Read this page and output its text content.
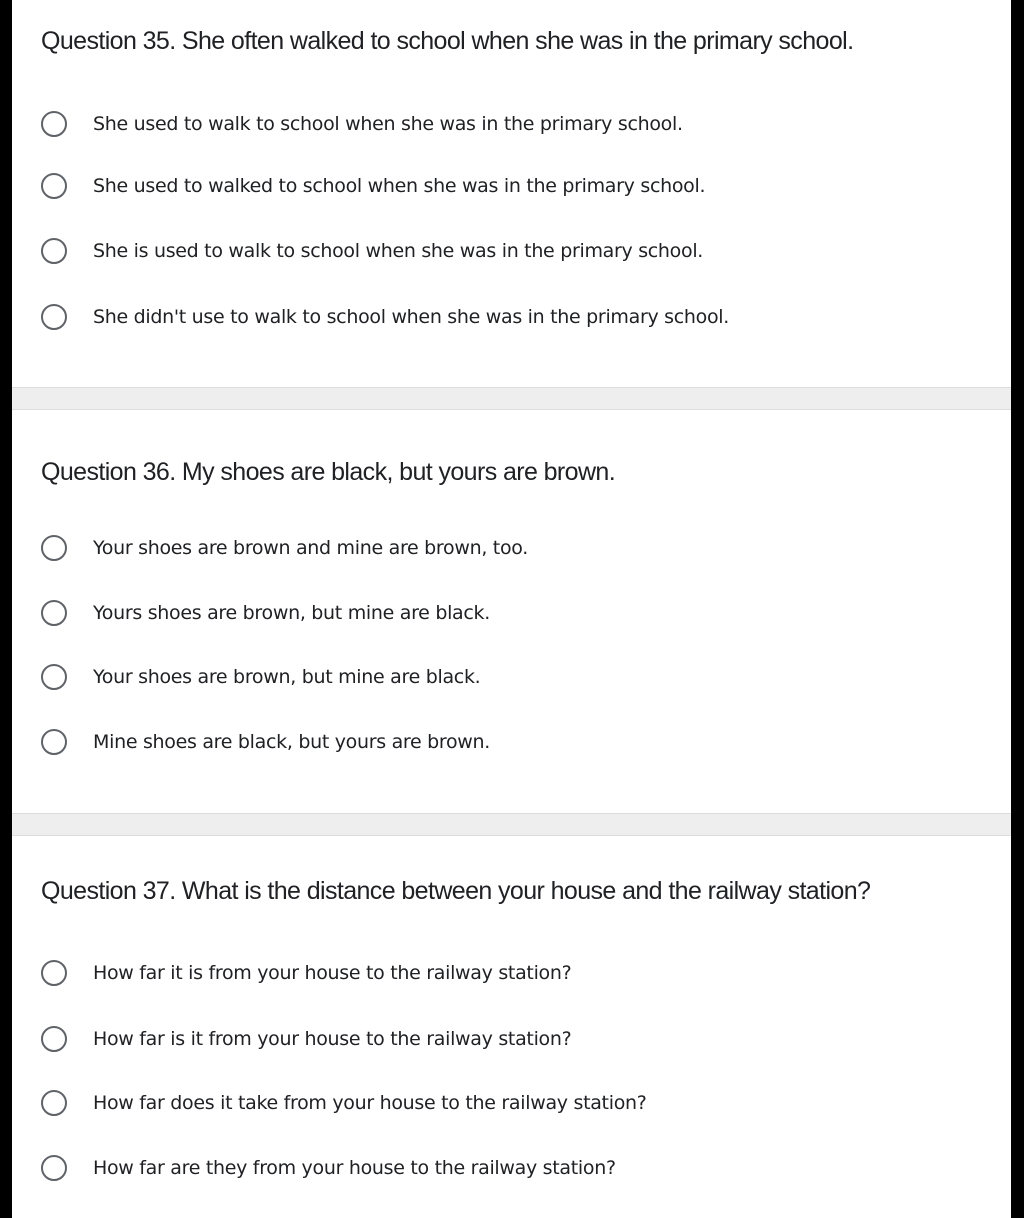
Question 35. She often walked to school when she was in the primary school.
She used to walk to school when she was in the primary school.
She used to walked to school when she was in the primary school.
She is used to walk to school when she was in the primary school.
She didn't use to walk to school when she was in the primary school.
Question 36. My shoes are black, but yours are brown.
Your shoes are brown and mine are brown, too.
Yours shoes are brown, but mine are black.
Your shoes are brown, but mine are black.
Mine shoes are black, but yours are brown.
Question 37. What is the distance between your house and the railway station?
How far it is from your house to the railway station?
How far is it from your house to the railway station?
How far does it take from your house to the railway station?
How far are they from your house to the railway station?
